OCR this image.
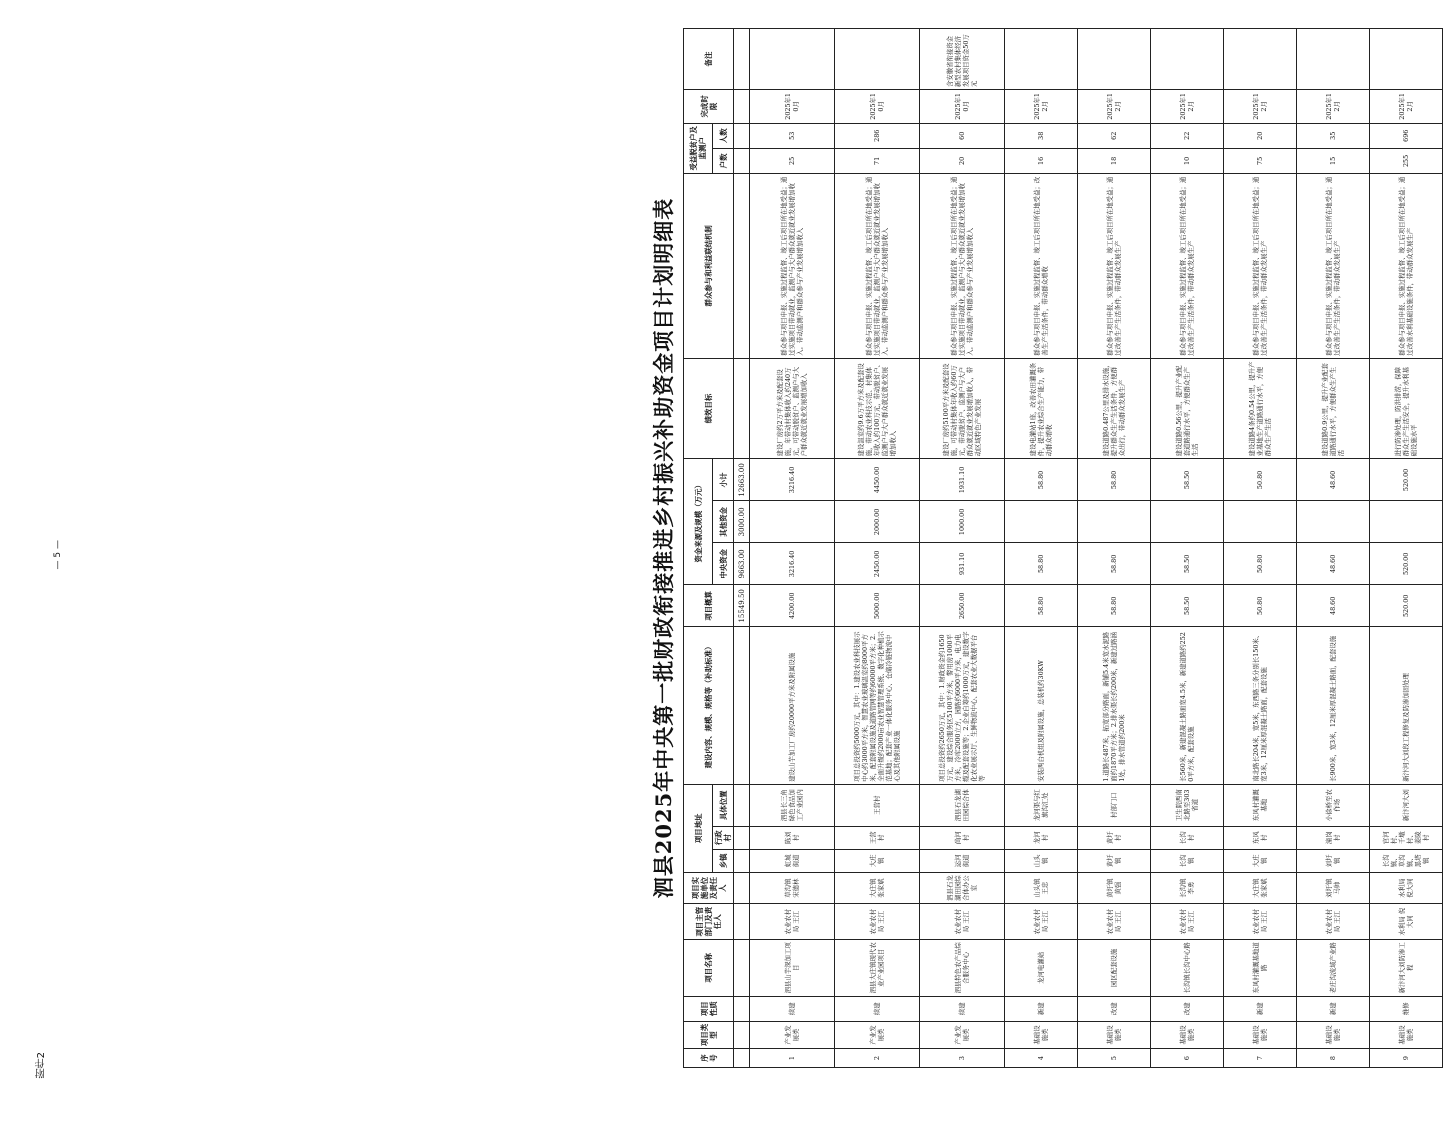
附件2
— 5 —	泗县2025年中央第一批财政衔接推进乡村振兴补助资金项目计划明细表
序号	项目类型	项目性质	项目名称	项目主管部门及责任人	项目实施单位及责任人	项目地址			建设内容、规模、规格等（补助标准）	项目概算	资金来源及规模（万元）			绩效目标	群众参与和利益联结机制	受益脱贫户及监测户		完成时限	备注
						乡镇	行政村	具体位置			中央资金	其他资金	小计			户数	人数		
										15549.50	9663.00	3000.00	12663.00						
1	产业发展类	续建	泗县山芋深加工项目	农业农村局 王江	草沟镇 宋德林	虹城街道	陈刘村	泗县长三角绿色食品加工产业园内	建设山芋加工厂房约20000平方米及附属设施	4200.00	3216.40		3216.40	建设厂房约2万平方米及配套设施，年带动村集体收入约240万元，可带动脱贫户、监测户与大户群众就近就业发展增加收入	群众参与项目申报、实施过程监督、竣工后项目所在地受益；通过实施项目带动就业，监测户与大户群众就近就业发展增加收入。带动监测户和群众参与产业发展增加收入	25	53	2025年10月	
2	产业发展类	续建	泗县大庄镇现代农业产业园项目	农业农村局 王江	大庄镇 张家斌	大庄镇	王营村	王营村	项目总投资约5000万元，其中：1.建设农业科技展示中心约3000平方米，智慧农业玻璃温室约8000平方米，配套附属设施及道路管网等约60000平方米；2.全面升级约2000亩农业智慧管理系统、数字化种植示范基地；配套产业一体化服务中心、仓储冷链物流中心及其他附属设施	5000.00	2450.00	2000.00	4450.00	建设温室约9.6万平方米及配套设施，带动农业科技示范、村集体年收入约100万元，带动脱贫户、监测户与大户群众就近就业发展增加收入	群众参与项目申报、实施过程监督、竣工后项目所在地受益；通过实施项目带动就业，监测户与大户群众就近就业发展增加收入。带动监测户和群众参与产业发展增加收入	71	286	2025年10月	
3	产业发展类	续建	泗县特色农产品综合服务中心	农业农村局 王江	泗县石龙湖田园综合体办公室	运河街道	尚河村	泗县石龙湖田园综合体	项目总投资约2650万元，其中：1.财政资金约1650万元，建设综合服务区5100平方米，警用房1000平方米，冷库2000立方，园路约6000平方米，电力电缆及配套设施等；2.企业自筹约1000万元，建设数字化农业展示厅、生鲜物流中心、配套农业大数据平台等	2650.00	931.10	1000.00	1931.10	建设厂房约5100平方米及配套设施，可带动村集体年收入约60万元，带动脱贫户、监测户与大户群众就近就业发展增加收入，带动区域特色产业发展	群众参与项目申报、实施过程监督、竣工后项目所在地受益；通过实施项目带动就业，监测户与大户群众就近就业发展增加收入。带动监测户和群众参与产业发展增加收入	20	60	2025年10月	含安徽省衔接资金新型农村集体经济发展项目资金50万元
4	基础设施类	新建	龙河电灌站	农业农村局 王江	山头镇 王忠	山头镇	龙河村	龙河渠与红旗沟汇处	安装两台机组及附属设施，总装机约30KW	58.80	58.80		58.80	建设电灌站1座，改善农田灌溉条件，提升农业综合生产能力，带动群众增收	群众参与项目申报、实施过程监督、竣工后项目所在地受益；改善生产生活条件，带动群众增收	16	38	2025年12月	
5	基础设施类	改建	园区配套设施	农业农村局 王江	黄圩镇 黄强	黄圩镇	黄圩村	村部门口	1.道路长487米，拓宽部分路面，新铺5.4米宽水泥路面约1870平方米；2.排水渠长约200米，新建过路涵1处，排水管道约200米	58.80	58.80		58.80	建设道路0.487公里及排水设施，提升群众生产生活条件，方便群众出行，带动群众发展生产	群众参与项目申报、实施过程监督、竣工后项目所在地受益；通过改善生产生活条件，带动群众发展生产	18	62	2025年12月	
6	基础设施类	改建	长沟镇长沟中心路	农业农村局 王江	长沟镇 李勇	长沟镇	长沟村	卫生院西南北路至303省道	长560米，新建混凝土路面宽4.5米，新建道路约2520平方米，配套设施	58.50	58.50		58.50	建设道路0.56公里，提升产业配套道路通行水平，方便群众生产生活	群众参与项目申报、实施过程监督、竣工后项目所在地受益；通过改善生产生活条件，带动群众发展生产	10	22	2025年12月	
7	基础设施类	新建	东风村灌溉基地道路	农业农村局 王江	大庄镇 张家斌	大庄镇	东风村	东风村灌溉基地	南北路长204米，宽5米，东西路三条分别长150米、宽3米，12厘米厚混凝土路面，配套设施	50.80	50.80		50.80	建设道路4条约0.54公里，提升产业基地生产道路通行水平，方便群众生产生活	群众参与项目申报、实施过程监督、竣工后项目所在地受益；通过改善生产生活条件，带动群众发展生产	75	20	2025年12月	
8	基础设施类	新建	老庄沟流域产业路	农业农村局 王江	刘圩镇 马帅	刘圩镇	潼岗村	小徐桥至农作场	长900米，宽3米，12厘米厚混凝土路面，配套设施	48.60	48.60		48.60	建设道路0.9公里，提升产业配套道路通行水平，方便群众生产生活	群众参与项目申报、实施过程监督、竣工后项目所在地受益；通过改善生产生活条件，带动群众发展生产	15	35	2025年12月	
9	基础设施类	维修	新汴河大刘防渗工程	水利局 倪大同	水利局 倪大同	长沟镇、草沟镇、黑塔镇	官河村、千墩村、姜陵村	新汴河大刘	新汴河大刘段工程修复及防渗加固处理	520.00	520.00		520.00	进行防渗处理，防洪排涝，保障群众生产生活安全，提升水利基础设施水平	群众参与项目申报、实施过程监督、竣工后项目所在地受益；通过改善水利基础设施条件，带动群众发展生产	255	696	2025年12月	
